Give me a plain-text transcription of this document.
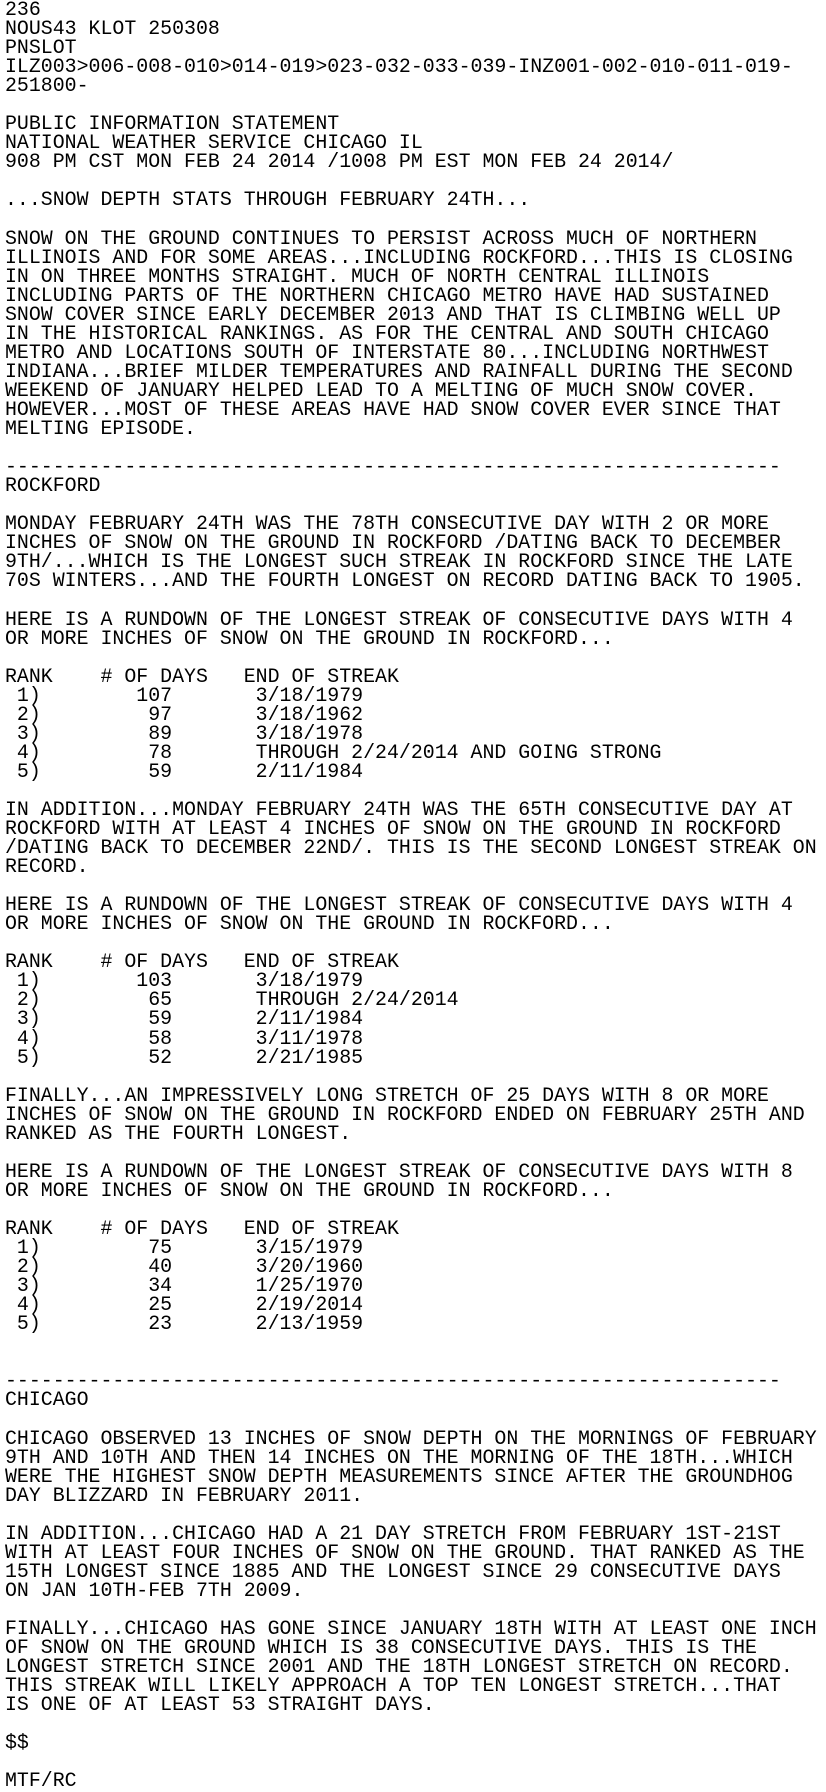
236
NOUS43 KLOT 250308
PNSLOT
ILZ003>006-008-010>014-019>023-032-033-039-INZ001-002-010-011-019-
251800-
PUBLIC INFORMATION STATEMENT
NATIONAL WEATHER SERVICE CHICAGO IL
908 PM CST MON FEB 24 2014 /1008 PM EST MON FEB 24 2014/
...SNOW DEPTH STATS THROUGH FEBRUARY 24TH...
SNOW ON THE GROUND CONTINUES TO PERSIST ACROSS MUCH OF NORTHERN
ILLINOIS AND FOR SOME AREAS...INCLUDING ROCKFORD...THIS IS CLOSING
IN ON THREE MONTHS STRAIGHT. MUCH OF NORTH CENTRAL ILLINOIS
INCLUDING PARTS OF THE NORTHERN CHICAGO METRO HAVE HAD SUSTAINED
SNOW COVER SINCE EARLY DECEMBER 2013 AND THAT IS CLIMBING WELL UP
IN THE HISTORICAL RANKINGS. AS FOR THE CENTRAL AND SOUTH CHICAGO
METRO AND LOCATIONS SOUTH OF INTERSTATE 80...INCLUDING NORTHWEST
INDIANA...BRIEF MILDER TEMPERATURES AND RAINFALL DURING THE SECOND
WEEKEND OF JANUARY HELPED LEAD TO A MELTING OF MUCH SNOW COVER.
HOWEVER...MOST OF THESE AREAS HAVE HAD SNOW COVER EVER SINCE THAT
MELTING EPISODE.
-----------------------------------------------------------------
ROCKFORD
MONDAY FEBRUARY 24TH WAS THE 78TH CONSECUTIVE DAY WITH 2 OR MORE
INCHES OF SNOW ON THE GROUND IN ROCKFORD /DATING BACK TO DECEMBER
9TH/...WHICH IS THE LONGEST SUCH STREAK IN ROCKFORD SINCE THE LATE
70S WINTERS...AND THE FOURTH LONGEST ON RECORD DATING BACK TO 1905.
HERE IS A RUNDOWN OF THE LONGEST STREAK OF CONSECUTIVE DAYS WITH 4
OR MORE INCHES OF SNOW ON THE GROUND IN ROCKFORD...
RANK    # OF DAYS   END OF STREAK
1)        107       3/18/1979
2)         97       3/18/1962
3)         89       3/18/1978
4)         78       THROUGH 2/24/2014 AND GOING STRONG
5)         59       2/11/1984
IN ADDITION...MONDAY FEBRUARY 24TH WAS THE 65TH CONSECUTIVE DAY AT
ROCKFORD WITH AT LEAST 4 INCHES OF SNOW ON THE GROUND IN ROCKFORD
/DATING BACK TO DECEMBER 22ND/. THIS IS THE SECOND LONGEST STREAK ON
RECORD.
HERE IS A RUNDOWN OF THE LONGEST STREAK OF CONSECUTIVE DAYS WITH 4
OR MORE INCHES OF SNOW ON THE GROUND IN ROCKFORD...
RANK    # OF DAYS   END OF STREAK
1)        103       3/18/1979
2)         65       THROUGH 2/24/2014
3)         59       2/11/1984
4)         58       3/11/1978
5)         52       2/21/1985
FINALLY...AN IMPRESSIVELY LONG STRETCH OF 25 DAYS WITH 8 OR MORE
INCHES OF SNOW ON THE GROUND IN ROCKFORD ENDED ON FEBRUARY 25TH AND
RANKED AS THE FOURTH LONGEST.
HERE IS A RUNDOWN OF THE LONGEST STREAK OF CONSECUTIVE DAYS WITH 8
OR MORE INCHES OF SNOW ON THE GROUND IN ROCKFORD...
RANK    # OF DAYS   END OF STREAK
1)         75       3/15/1979
2)         40       3/20/1960
3)         34       1/25/1970
4)         25       2/19/2014
5)         23       2/13/1959
-----------------------------------------------------------------
CHICAGO
CHICAGO OBSERVED 13 INCHES OF SNOW DEPTH ON THE MORNINGS OF FEBRUARY
9TH AND 10TH AND THEN 14 INCHES ON THE MORNING OF THE 18TH...WHICH
WERE THE HIGHEST SNOW DEPTH MEASUREMENTS SINCE AFTER THE GROUNDHOG
DAY BLIZZARD IN FEBRUARY 2011.
IN ADDITION...CHICAGO HAD A 21 DAY STRETCH FROM FEBRUARY 1ST-21ST
WITH AT LEAST FOUR INCHES OF SNOW ON THE GROUND. THAT RANKED AS THE
15TH LONGEST SINCE 1885 AND THE LONGEST SINCE 29 CONSECUTIVE DAYS
ON JAN 10TH-FEB 7TH 2009.
FINALLY...CHICAGO HAS GONE SINCE JANUARY 18TH WITH AT LEAST ONE INCH
OF SNOW ON THE GROUND WHICH IS 38 CONSECUTIVE DAYS. THIS IS THE
LONGEST STRETCH SINCE 2001 AND THE 18TH LONGEST STRETCH ON RECORD.
THIS STREAK WILL LIKELY APPROACH A TOP TEN LONGEST STRETCH...THAT
IS ONE OF AT LEAST 53 STRAIGHT DAYS.
$$
MTF/RC
